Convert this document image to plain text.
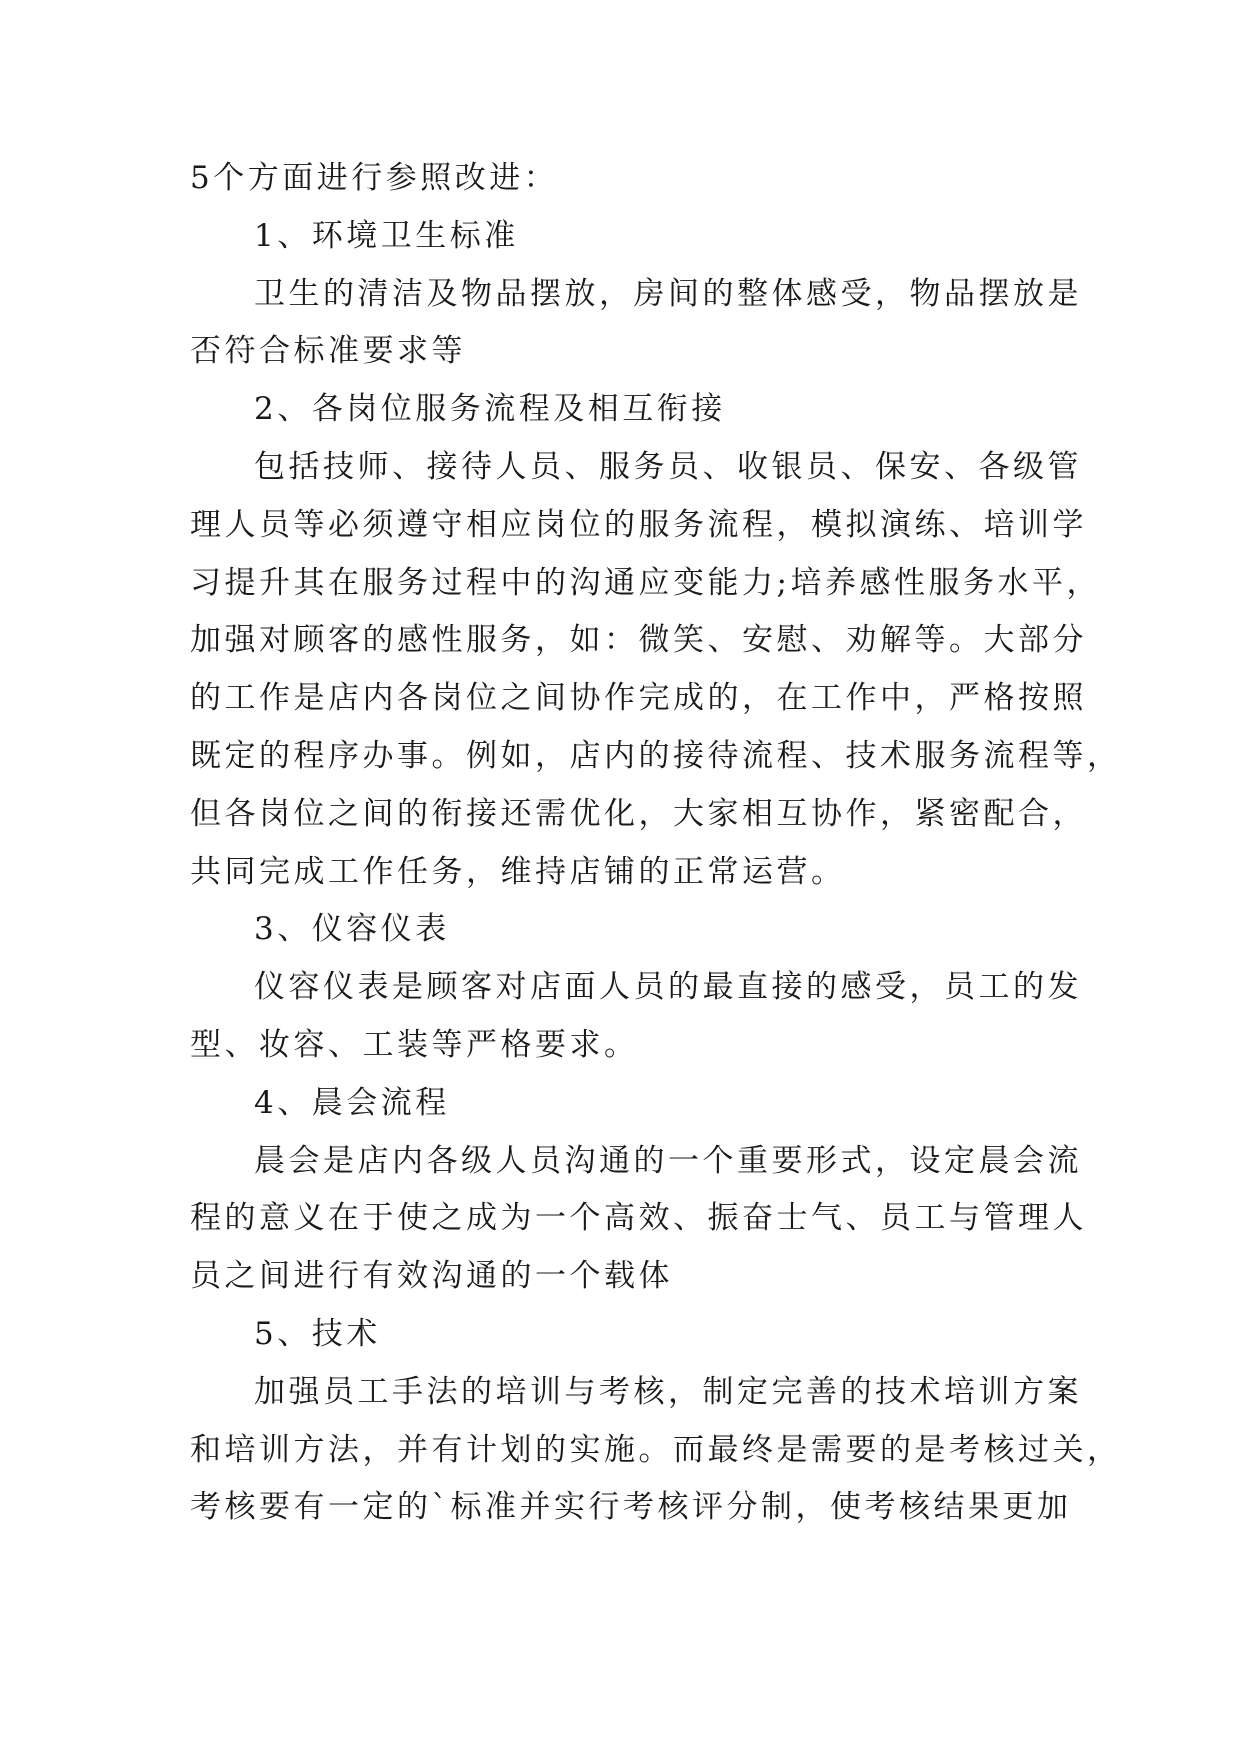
5个方面进行参照改进：
1、环境卫生标准
卫生的清洁及物品摆放，房间的整体感受，物品摆放是
否符合标准要求等
2、各岗位服务流程及相互衔接
包括技师、接待人员、服务员、收银员、保安、各级管
理人员等必须遵守相应岗位的服务流程，模拟演练、培训学
习提升其在服务过程中的沟通应变能力;培养感性服务水平，
加强对顾客的感性服务，如：微笑、安慰、劝解等。大部分
的工作是店内各岗位之间协作完成的，在工作中，严格按照
既定的程序办事。例如，店内的接待流程、技术服务流程等，
但各岗位之间的衔接还需优化，大家相互协作，紧密配合，
共同完成工作任务，维持店铺的正常运营。
3、仪容仪表
仪容仪表是顾客对店面人员的最直接的感受，员工的发
型、妆容、工装等严格要求。
4、晨会流程
晨会是店内各级人员沟通的一个重要形式，设定晨会流
程的意义在于使之成为一个高效、振奋士气、员工与管理人
员之间进行有效沟通的一个载体
5、技术
加强员工手法的培训与考核，制定完善的技术培训方案
和培训方法，并有计划的实施。而最终是需要的是考核过关，
考核要有一定的`标准并实行考核评分制，使考核结果更加
